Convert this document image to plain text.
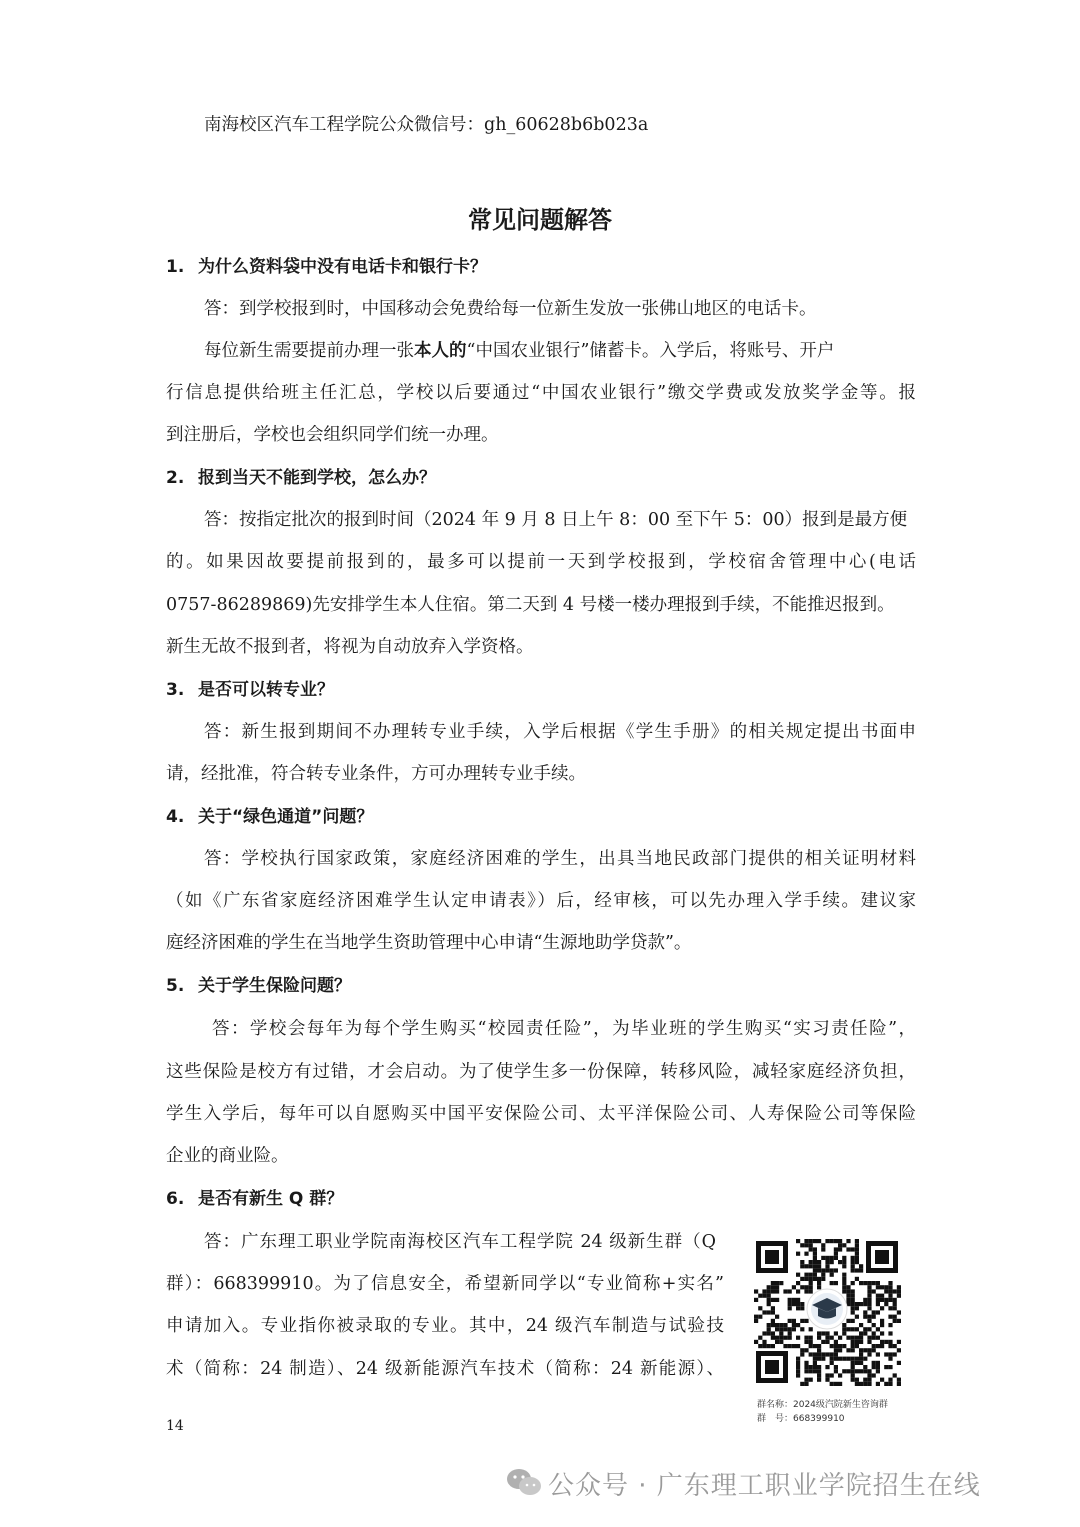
南海校区汽车工程学院公众微信号：gh_60628b6b023a
常见问题解答
1. 为什么资料袋中没有电话卡和银行卡？
答：到学校报到时，中国移动会免费给每一位新生发放一张佛山地区的电话卡。
每位新生需要提前办理一张本人的“中国农业银行”储蓄卡。入学后，将账号、开户
行信息提供给班主任汇总，学校以后要通过“中国农业银行”缴交学费或发放奖学金等。报
到注册后，学校也会组织同学们统一办理。
2. 报到当天不能到学校，怎么办？
答：按指定批次的报到时间（2024 年 9 月 8 日上午 8：00 至下午 5：00）报到是最方便
的。如果因故要提前报到的，最多可以提前一天到学校报到，学校宿舍管理中心(电话
0757-86289869)先安排学生本人住宿。第二天到 4 号楼一楼办理报到手续，不能推迟报到。
新生无故不报到者，将视为自动放弃入学资格。
3. 是否可以转专业？
答：新生报到期间不办理转专业手续，入学后根据《学生手册》的相关规定提出书面申
请，经批准，符合转专业条件，方可办理转专业手续。
4. 关于“绿色通道”问题？
答：学校执行国家政策，家庭经济困难的学生，出具当地民政部门提供的相关证明材料
（如《广东省家庭经济困难学生认定申请表》）后，经审核，可以先办理入学手续。建议家
庭经济困难的学生在当地学生资助管理中心申请“生源地助学贷款”。
5. 关于学生保险问题？
答：学校会每年为每个学生购买“校园责任险”，为毕业班的学生购买“实习责任险”，
这些保险是校方有过错，才会启动。为了使学生多一份保障，转移风险，减轻家庭经济负担，
学生入学后，每年可以自愿购买中国平安保险公司、太平洋保险公司、人寿保险公司等保险
企业的商业险。
6. 是否有新生 Q 群？
答：广东理工职业学院南海校区汽车工程学院 24 级新生群（Q
群）：668399910。为了信息安全，希望新同学以“专业简称+实名”
申请加入。专业指你被录取的专业。其中，24 级汽车制造与试验技
术（简称：24 制造）、24 级新能源汽车技术（简称：24 新能源）、
群名称：2024级汽院新生咨询群
群　号：668399910
14
公众号 · 广东理工职业学院招生在线
